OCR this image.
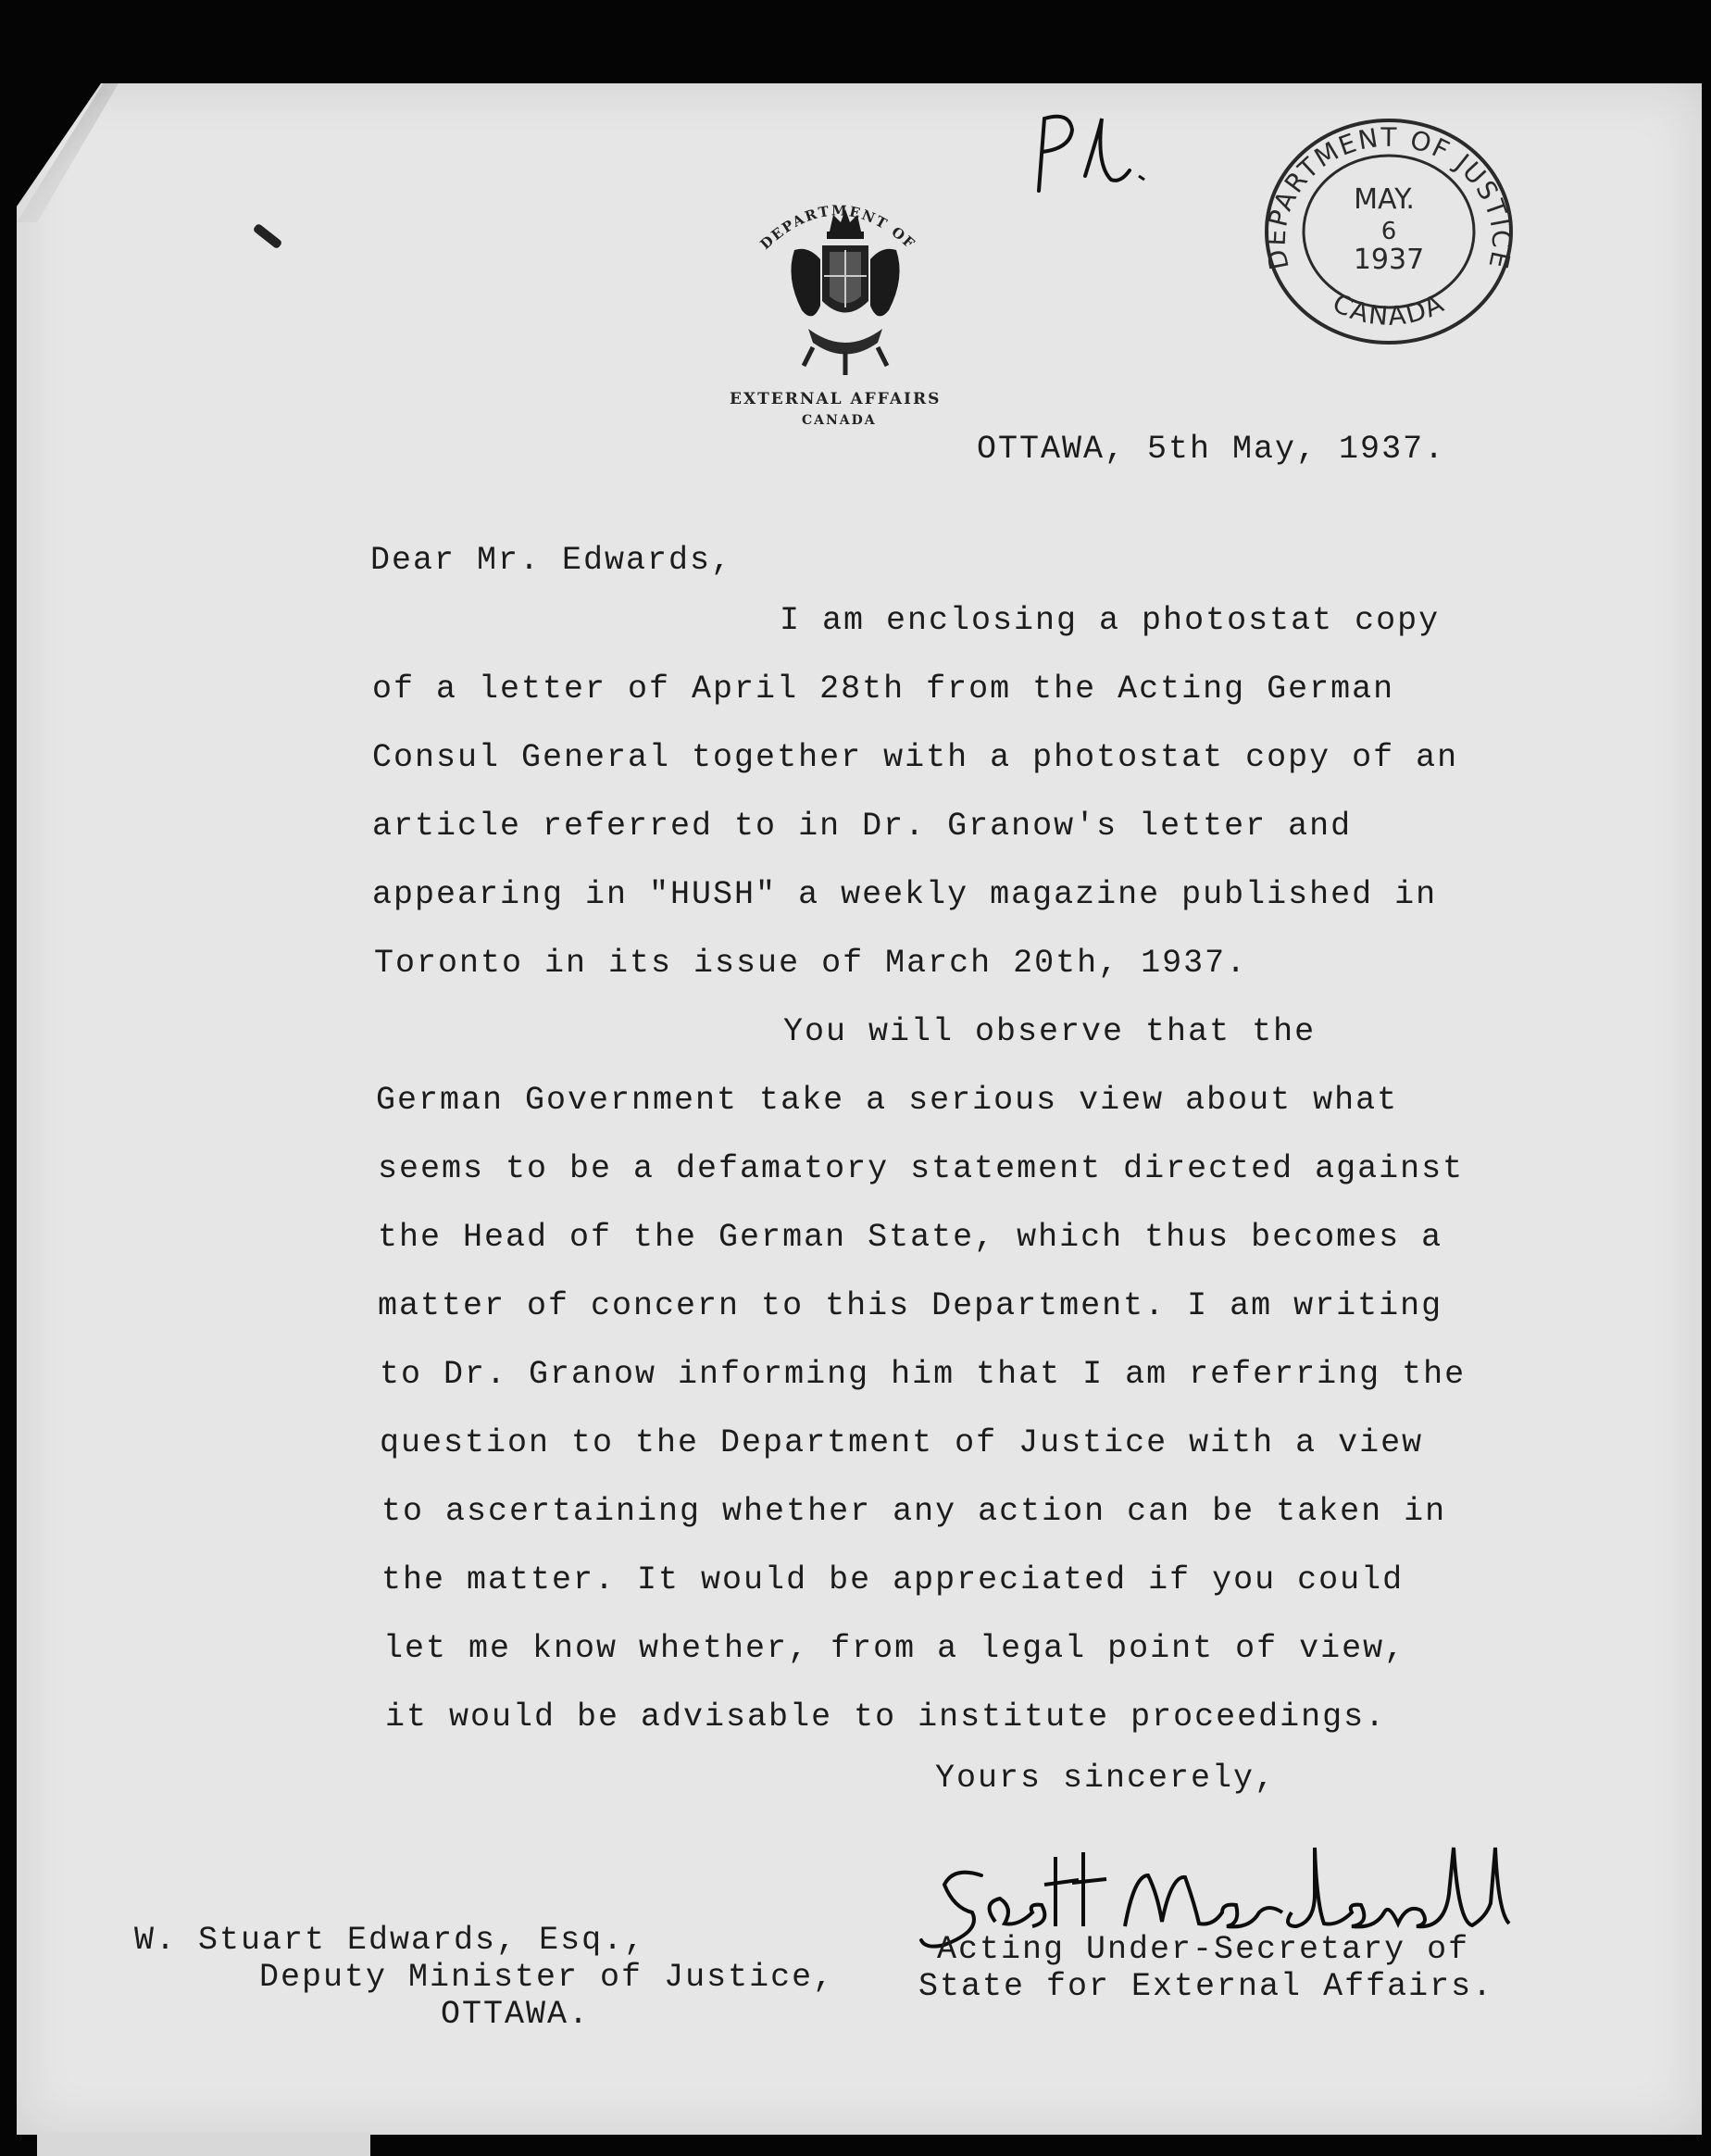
DEPARTMENT OF
EXTERNAL AFFAIRS
CANADA
DEPARTMENT OF JUSTICE
CANADA
MAY.
6
1937
OTTAWA, 5th May, 1937.
Dear Mr. Edwards,
I am enclosing a photostat copy
of a letter of April 28th from the Acting German
Consul General together with a photostat copy of an
article referred to in Dr. Granow's letter and
appearing in "HUSH" a weekly magazine published in
Toronto in its issue of March 20th, 1937.
You will observe that the
German Government take a serious view about what
seems to be a defamatory statement directed against
the Head of the German State, which thus becomes a
matter of concern to this Department. I am writing
to Dr. Granow informing him that I am referring the
question to the Department of Justice with a view
to ascertaining whether any action can be taken in
the matter. It would be appreciated if you could
let me know whether, from a legal point of view,
it would be advisable to institute proceedings.
Yours sincerely,
Acting Under-Secretary of
State for External Affairs.
W. Stuart Edwards, Esq.,
Deputy Minister of Justice,
OTTAWA.
